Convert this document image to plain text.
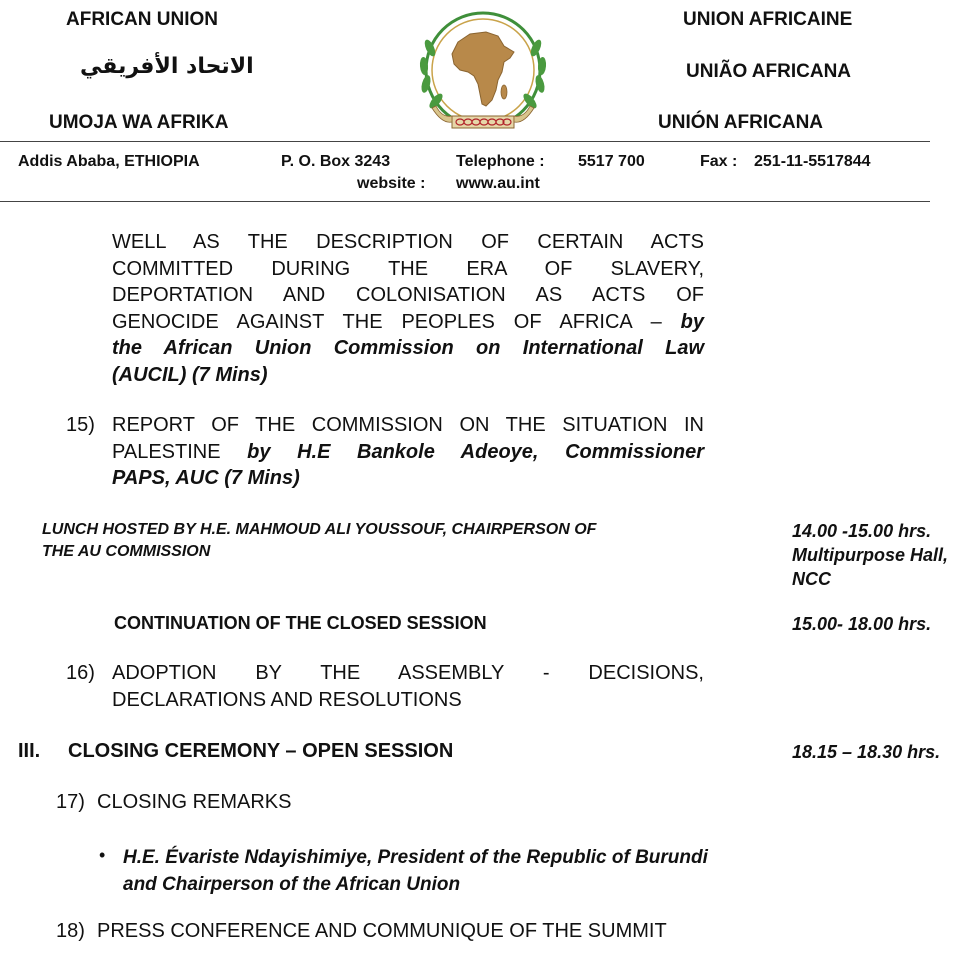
AFRICAN UNION
الاتحاد الأفريقي
UMOJA WA AFRIKA
UNION AFRICAINE
UNIÃO AFRICANA
UNIÓN AFRICANA
Addis Ababa, ETHIOPIA	P. O. Box 3243	Telephone : 5517 700	Fax : 251-11-5517844
website : www.au.int
WELL AS THE DESCRIPTION OF CERTAIN ACTS
COMMITTED DURING THE ERA OF SLAVERY,
DEPORTATION AND COLONISATION AS ACTS OF
GENOCIDE AGAINST THE PEOPLES OF AFRICA – by
the African Union Commission on International Law
(AUCIL) (7 Mins)
15) REPORT OF THE COMMISSION ON THE SITUATION IN
PALESTINE by H.E Bankole Adeoye, Commissioner
PAPS, AUC (7 Mins)
LUNCH HOSTED BY H.E. MAHMOUD ALI YOUSSOUF, CHAIRPERSON OF
THE AU COMMISSION
14.00 -15.00 hrs.
Multipurpose Hall,
NCC
CONTINUATION OF THE CLOSED SESSION	15.00- 18.00 hrs.
16) ADOPTION BY THE ASSEMBLY - DECISIONS,
DECLARATIONS AND RESOLUTIONS
III. CLOSING CEREMONY – OPEN SESSION	18.15 – 18.30 hrs.
17) CLOSING REMARKS
• H.E. Évariste Ndayishimiye, President of the Republic of Burundi
and Chairperson of the African Union
18) PRESS CONFERENCE AND COMMUNIQUE OF THE SUMMIT
